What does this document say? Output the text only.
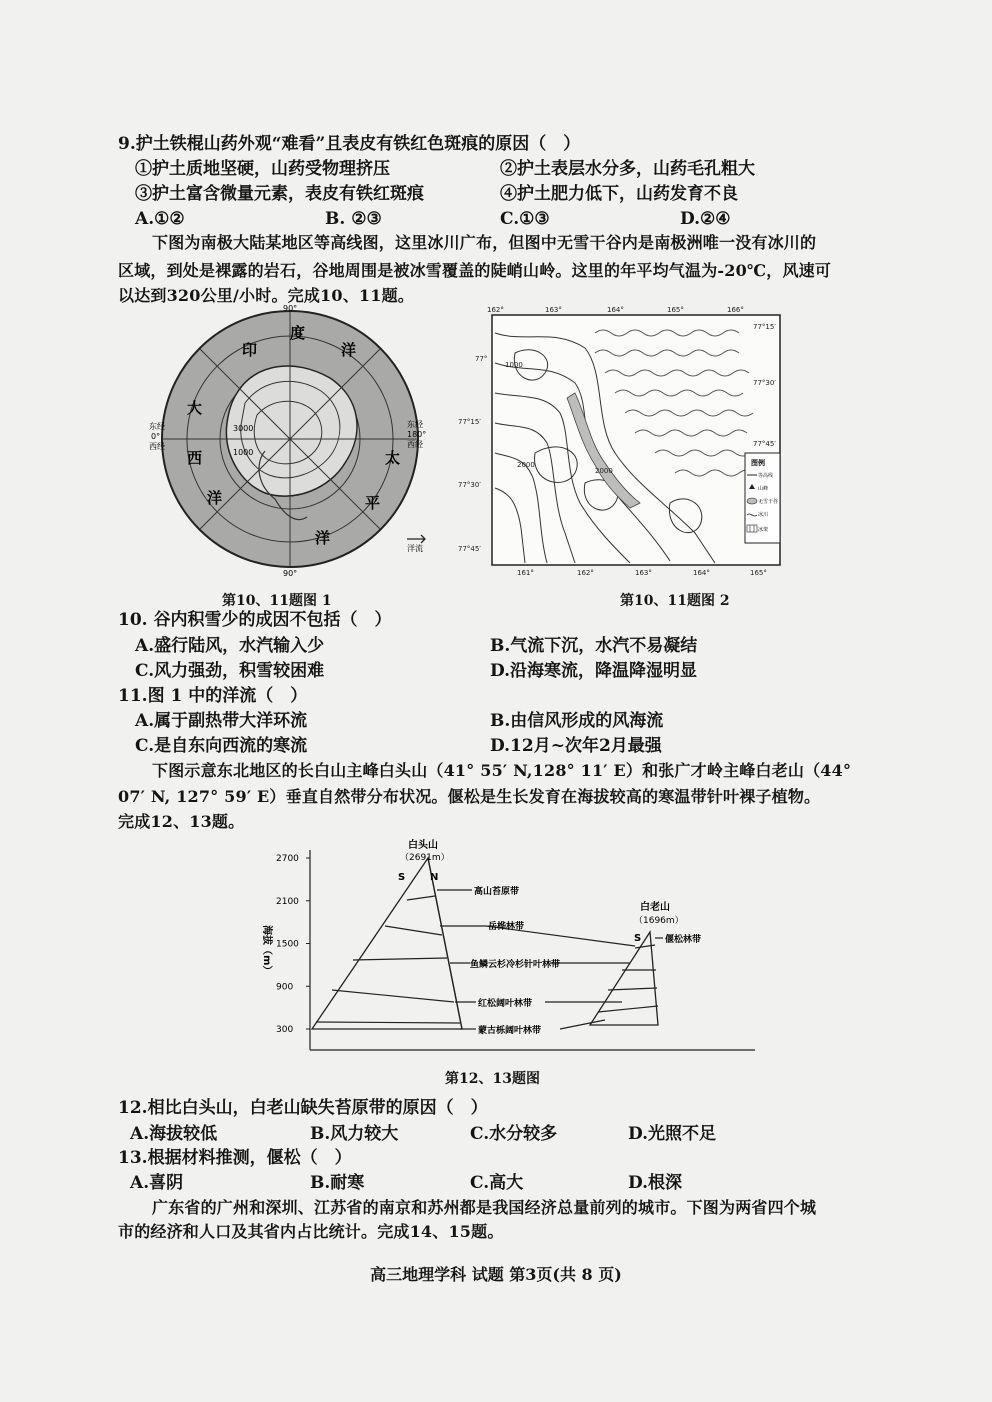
9.护土铁棍山药外观“难看”且表皮有铁红色斑痕的原因（　）
①护土质地坚硬，山药受物理挤压	②护土表层水分多，山药毛孔粗大
③护土富含微量元素，表皮有铁红斑痕	④护土肥力低下，山药发育不良
A.①②	B. ②③	C.①③	D.②④
下图为南极大陆某地区等高线图，这里冰川广布，但图中无雪干谷内是南极洲唯一没有冰川的
区域，到处是裸露的岩石，谷地周围是被冰雪覆盖的陡峭山岭。这里的年平均气温为-20℃，风速可
以达到320公里/小时。完成10、11题。
90°
90°
印
度
洋
大
西
洋
太
平
洋
东经
0°
西经
东经
180°
西经
3000
1000
洋流
162°	163°	164°	165°	166°
161°	162°	163°	164°	165°
77°15′
77°30′
77°45′
77°
77°15′
77°30′
77°45′
1000
2000
2000
图例
等高线
山峰
无雪干谷
冰川
冰架
第10、11题图 1	第10、11题图 2
10. 谷内积雪少的成因不包括（　）
A.盛行陆风，水汽输入少	B.气流下沉，水汽不易凝结
C.风力强劲，积雪较困难	D.沿海寒流，降温降湿明显
11.图 1 中的洋流（　）
A.属于副热带大洋环流	B.由信风形成的风海流
C.是自东向西流的寒流	D.12月~次年2月最强
下图示意东北地区的长白山主峰白头山（41° 55′ N,128° 11′ E）和张广才岭主峰白老山（44°
07′ N, 127° 59′ E）垂直自然带分布状况。偃松是生长发育在海拔较高的寒温带针叶裸子植物。
完成12、13题。
海拔（m）
300
900
1500
2100
2700
白头山
（2691m）
S N
白老山
（1696m）
S
高山苔原带
岳桦林带
鱼鳞云杉冷杉针叶林带
红松阔叶林带
蒙古栎阔叶林带
偃松林带
第12、13题图
12.相比白头山，白老山缺失苔原带的原因（　）
A.海拔较低	B.风力较大	C.水分较多	D.光照不足
13.根据材料推测，偃松（　）
A.喜阴	B.耐寒	C.高大	D.根深
广东省的广州和深圳、江苏省的南京和苏州都是我国经济总量前列的城市。下图为两省四个城
市的经济和人口及其省内占比统计。完成14、15题。
高三地理学科 试题 第3页(共 8 页)
